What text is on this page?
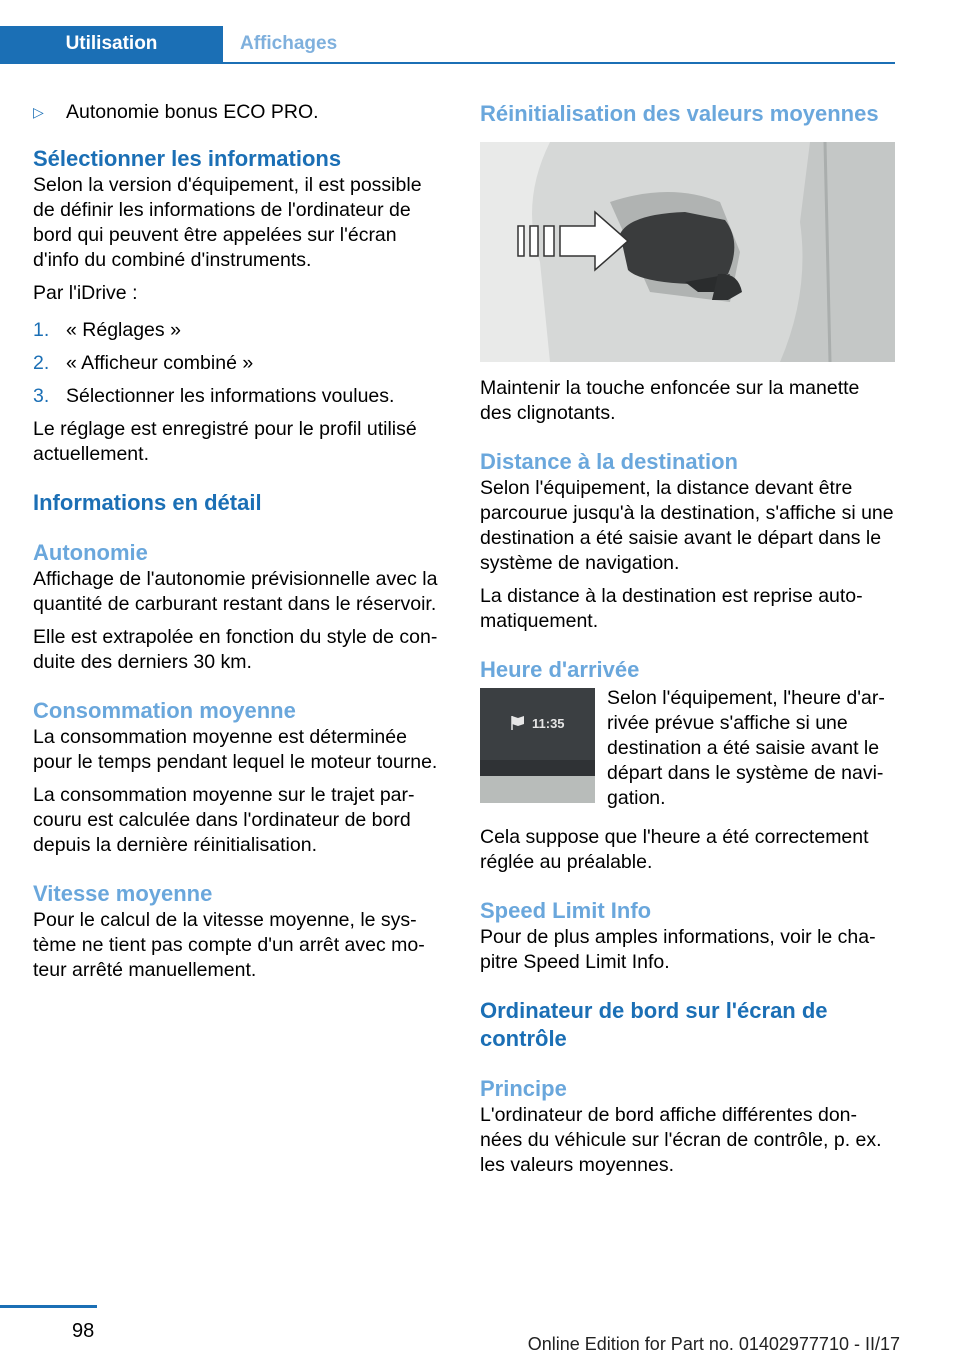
Utilisation	Affichages
▷	Autonomie bonus ECO PRO.
Sélectionner les informations

Selon la version d'équipement, il est possible de définir les informations de l'ordinateur de bord qui peuvent être appelées sur l'écran d'info du combiné d'instruments.

Par l'iDrive :

1. « Réglages »
2. « Afficheur combiné »
3. Sélectionner les informations voulues.

Le réglage est enregistré pour le profil utilisé actuellement.

Informations en détail
Autonomie

Affichage de l'autonomie prévisionnelle avec la quantité de carburant restant dans le réservoir.

Elle est extrapolée en fonction du style de con‐duite des derniers 30 km.

Consommation moyenne

La consommation moyenne est déterminée pour le temps pendant lequel le moteur tourne.

La consommation moyenne sur le trajet par‐couru est calculée dans l'ordinateur de bord depuis la dernière réinitialisation.

Vitesse moyenne

Pour le calcul de la vitesse moyenne, le sys‐tème ne tient pas compte d'un arrêt avec mo‐teur arrêté manuellement.

Réinitialisation des valeurs moyennes

Maintenir la touche enfoncée sur la manette des clignotants.

Distance à la destination

Selon l'équipement, la distance devant être parcourue jusqu'à la destination, s'affiche si une destination a été saisie avant le départ dans le système de navigation.

La distance à la destination est reprise auto‐matiquement.

Heure d'arrivée
11:35

Selon l'équipement, l'heure d'ar‐rivée prévue s'affiche si une destination a été saisie avant le départ dans le système de navi‐gation.

Cela suppose que l'heure a été correctement réglée au préalable.

Speed Limit Info

Pour de plus amples informations, voir le cha‐pitre Speed Limit Info.

Ordinateur de bord sur l'écran de contrôle
Principe

L'ordinateur de bord affiche différentes don‐nées du véhicule sur l'écran de contrôle, p. ex. les valeurs moyennes.

98
Online Edition for Part no. 01402977710 - II/17
